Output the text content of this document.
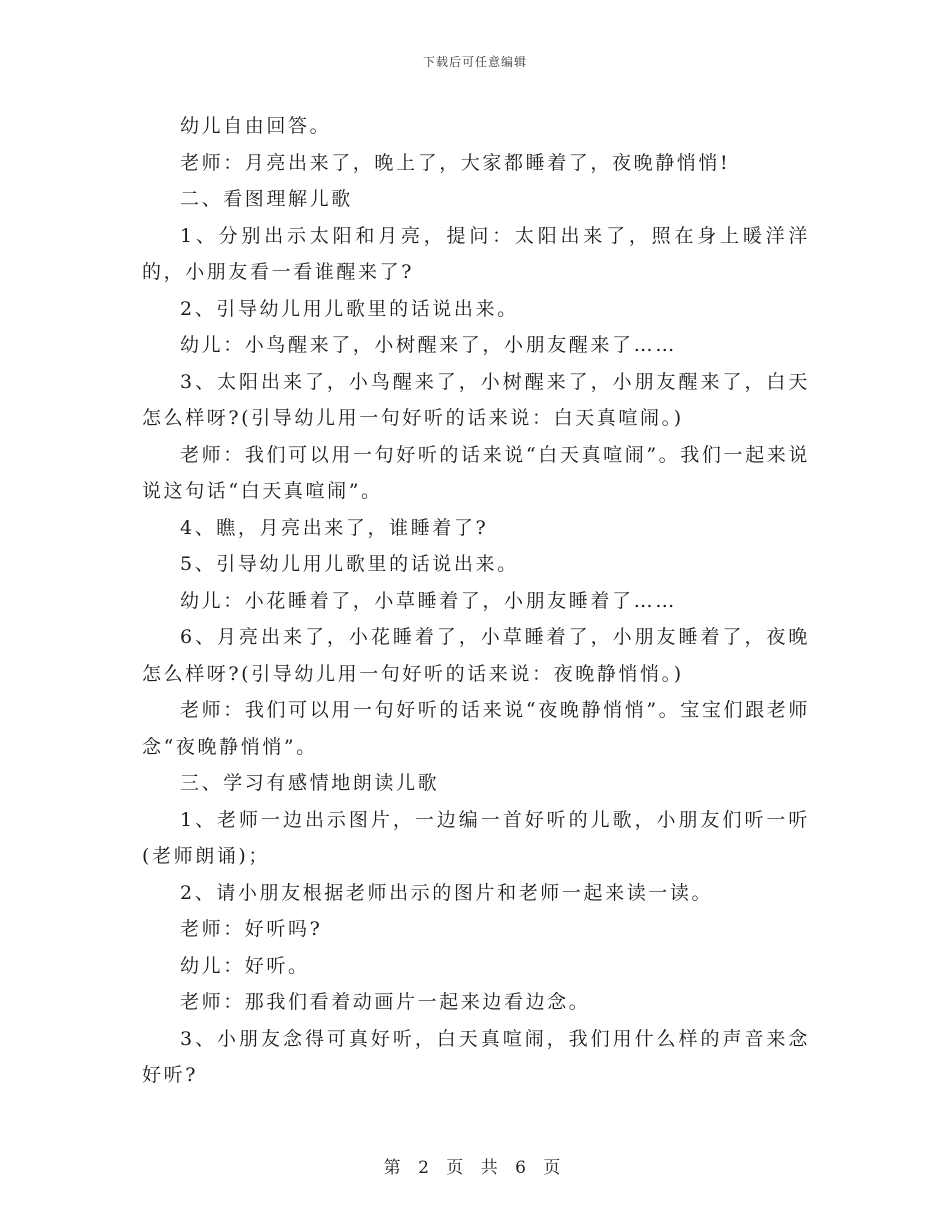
下载后可任意编辑

幼儿自由回答。

老师：月亮出来了，晚上了，大家都睡着了，夜晚静悄悄!

二、看图理解儿歌

1、分别出示太阳和月亮，提问：太阳出来了，照在身上暖洋洋的，小朋友看一看谁醒来了?

2、引导幼儿用儿歌里的话说出来。

幼儿：小鸟醒来了，小树醒来了，小朋友醒来了……

3、太阳出来了，小鸟醒来了，小树醒来了，小朋友醒来了，白天怎么样呀?(引导幼儿用一句好听的话来说：白天真喧闹。)

老师：我们可以用一句好听的话来说“白天真喧闹”。我们一起来说说这句话“白天真喧闹”。

4、瞧，月亮出来了，谁睡着了?

5、引导幼儿用儿歌里的话说出来。

幼儿：小花睡着了，小草睡着了，小朋友睡着了……

6、月亮出来了，小花睡着了，小草睡着了，小朋友睡着了，夜晚怎么样呀?(引导幼儿用一句好听的话来说：夜晚静悄悄。)

老师：我们可以用一句好听的话来说“夜晚静悄悄”。宝宝们跟老师念“夜晚静悄悄”。

三、学习有感情地朗读儿歌

1、老师一边出示图片，一边编一首好听的儿歌，小朋友们听一听(老师朗诵)；

2、请小朋友根据老师出示的图片和老师一起来读一读。

老师：好听吗?

幼儿：好听。

老师：那我们看着动画片一起来边看边念。

3、小朋友念得可真好听，白天真喧闹，我们用什么样的声音来念好听?

第 2 页 共 6 页
